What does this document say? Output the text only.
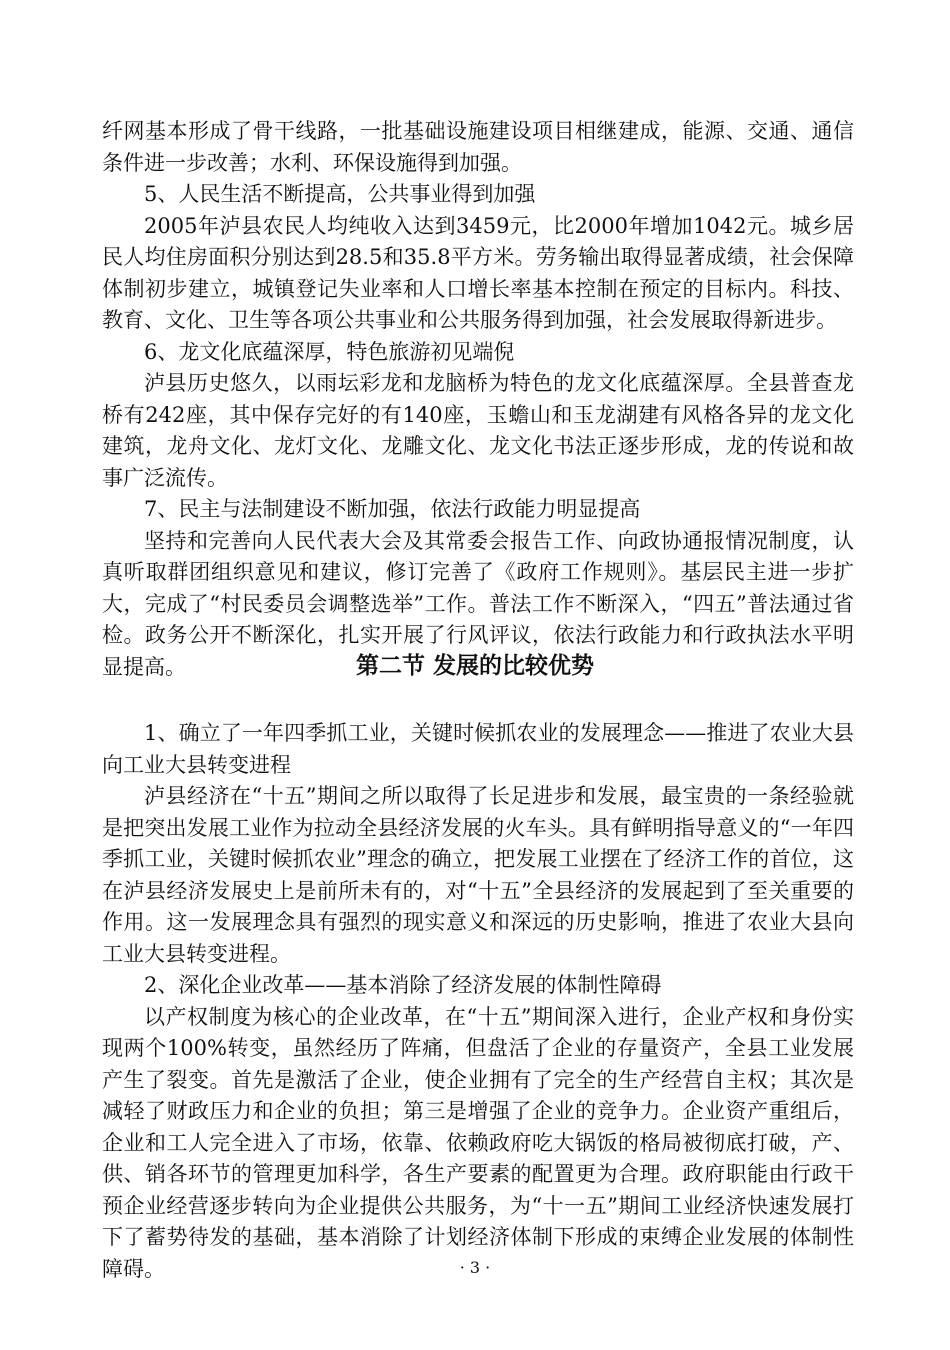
纤网基本形成了骨干线路，一批基础设施建设项目相继建成，能源、交通、通信条件进一步改善；水利、环保设施得到加强。

5、人民生活不断提高，公共事业得到加强

2005年泸县农民人均纯收入达到3459元，比2000年增加1042元。城乡居民人均住房面积分别达到28.5和35.8平方米。劳务输出取得显著成绩，社会保障体制初步建立，城镇登记失业率和人口增长率基本控制在预定的目标内。科技、教育、文化、卫生等各项公共事业和公共服务得到加强，社会发展取得新进步。

6、龙文化底蕴深厚，特色旅游初见端倪

泸县历史悠久，以雨坛彩龙和龙脑桥为特色的龙文化底蕴深厚。全县普查龙桥有242座，其中保存完好的有140座，玉蟾山和玉龙湖建有风格各异的龙文化建筑，龙舟文化、龙灯文化、龙雕文化、龙文化书法正逐步形成，龙的传说和故事广泛流传。

7、民主与法制建设不断加强，依法行政能力明显提高

坚持和完善向人民代表大会及其常委会报告工作、向政协通报情况制度，认真听取群团组织意见和建议，修订完善了《政府工作规则》。基层民主进一步扩大，完成了“村民委员会调整选举”工作。普法工作不断深入，“四五”普法通过省检。政务公开不断深化，扎实开展了行风评议，依法行政能力和行政执法水平明显提高。	第二节 发展的比较优势

1、确立了一年四季抓工业，关键时候抓农业的发展理念——推进了农业大县向工业大县转变进程

泸县经济在“十五”期间之所以取得了长足进步和发展，最宝贵的一条经验就是把突出发展工业作为拉动全县经济发展的火车头。具有鲜明指导意义的“一年四季抓工业，关键时候抓农业”理念的确立，把发展工业摆在了经济工作的首位，这在泸县经济发展史上是前所未有的，对“十五”全县经济的发展起到了至关重要的作用。这一发展理念具有强烈的现实意义和深远的历史影响，推进了农业大县向工业大县转变进程。

2、深化企业改革——基本消除了经济发展的体制性障碍

以产权制度为核心的企业改革，在“十五”期间深入进行，企业产权和身份实现两个100%转变，虽然经历了阵痛，但盘活了企业的存量资产，全县工业发展产生了裂变。首先是激活了企业，使企业拥有了完全的生产经营自主权；其次是减轻了财政压力和企业的负担；第三是增强了企业的竞争力。企业资产重组后，企业和工人完全进入了市场，依靠、依赖政府吃大锅饭的格局被彻底打破，产、供、销各环节的管理更加科学，各生产要素的配置更为合理。政府职能由行政干预企业经营逐步转向为企业提供公共服务，为“十一五”期间工业经济快速发展打下了蓄势待发的基础，基本消除了计划经济体制下形成的束缚企业发展的体制性障碍。	· 3 ·
